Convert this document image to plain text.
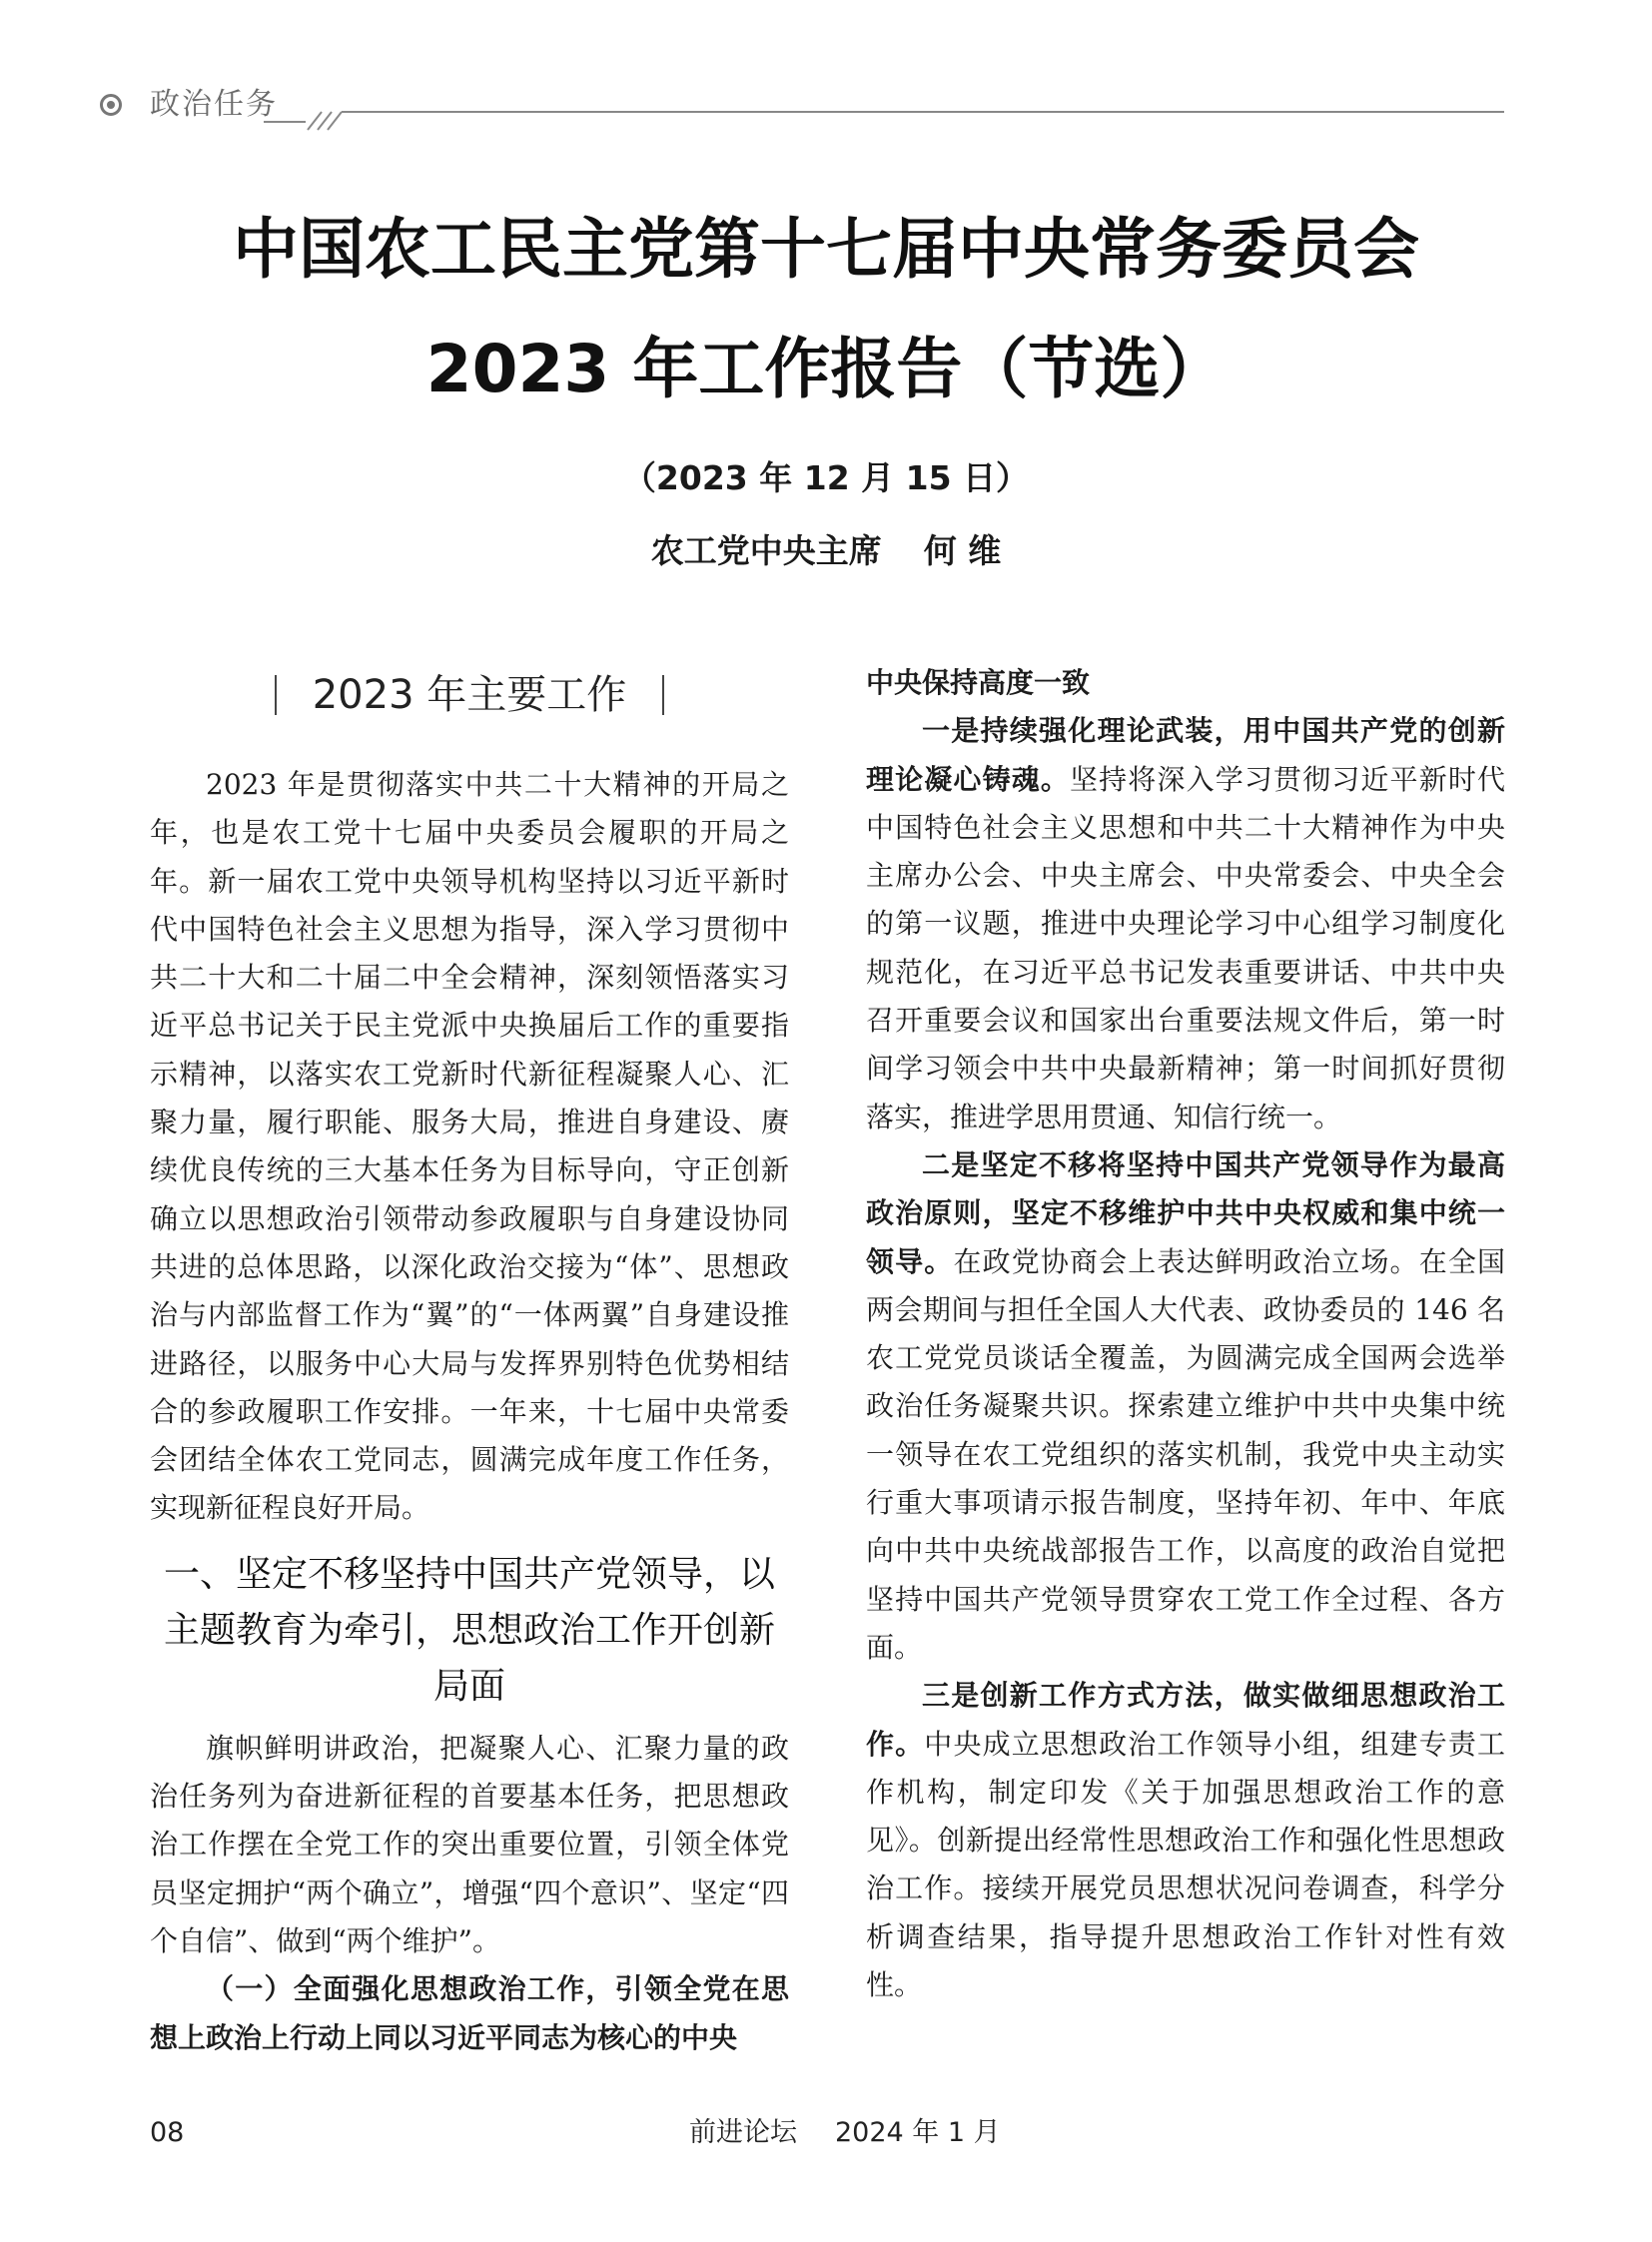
政治任务
中国农工民主党第十七届中央常务委员会
2023 年工作报告（节选）
（2023 年 12 月 15 日）
农工党中央主席 何 维
2023 年主要工作

2023 年是贯彻落实中共二十大精神的开局之年，也是农工党十七届中央委员会履职的开局之年。新一届农工党中央领导机构坚持以习近平新时代中国特色社会主义思想为指导，深入学习贯彻中共二十大和二十届二中全会精神，深刻领悟落实习近平总书记关于民主党派中央换届后工作的重要指示精神，以落实农工党新时代新征程凝聚人心、汇聚力量，履行职能、服务大局，推进自身建设、赓续优良传统的三大基本任务为目标导向，守正创新确立以思想政治引领带动参政履职与自身建设协同共进的总体思路，以深化政治交接为“体”、思想政治与内部监督工作为“翼”的“一体两翼”自身建设推进路径，以服务中心大局与发挥界别特色优势相结合的参政履职工作安排。一年来，十七届中央常委会团结全体农工党同志，圆满完成年度工作任务，实现新征程良好开局。

一、坚定不移坚持中国共产党领导，以
主题教育为牵引，思想政治工作开创新局面

旗帜鲜明讲政治，把凝聚人心、汇聚力量的政治任务列为奋进新征程的首要基本任务，把思想政治工作摆在全党工作的突出重要位置，引领全体党员坚定拥护“两个确立”，增强“四个意识”、坚定“四个自信”、做到“两个维护”。

（一）全面强化思想政治工作，引领全党在思想上政治上行动上同以习近平同志为核心的中央

中央保持高度一致

一是持续强化理论武装，用中国共产党的创新理论凝心铸魂。坚持将深入学习贯彻习近平新时代中国特色社会主义思想和中共二十大精神作为中央主席办公会、中央主席会、中央常委会、中央全会的第一议题，推进中央理论学习中心组学习制度化规范化，在习近平总书记发表重要讲话、中共中央召开重要会议和国家出台重要法规文件后，第一时间学习领会中共中央最新精神；第一时间抓好贯彻落实，推进学思用贯通、知信行统一。

二是坚定不移将坚持中国共产党领导作为最高政治原则，坚定不移维护中共中央权威和集中统一领导。在政党协商会上表达鲜明政治立场。在全国两会期间与担任全国人大代表、政协委员的 146 名农工党党员谈话全覆盖，为圆满完成全国两会选举政治任务凝聚共识。探索建立维护中共中央集中统一领导在农工党组织的落实机制，我党中央主动实行重大事项请示报告制度，坚持年初、年中、年底向中共中央统战部报告工作，以高度的政治自觉把坚持中国共产党领导贯穿农工党工作全过程、各方面。

三是创新工作方式方法，做实做细思想政治工作。中央成立思想政治工作领导小组，组建专责工作机构，制定印发《关于加强思想政治工作的意见》。创新提出经常性思想政治工作和强化性思想政治工作。接续开展党员思想状况问卷调查，科学分析调查结果，指导提升思想政治工作针对性有效性。

08	前进论坛 2024 年 1 月
